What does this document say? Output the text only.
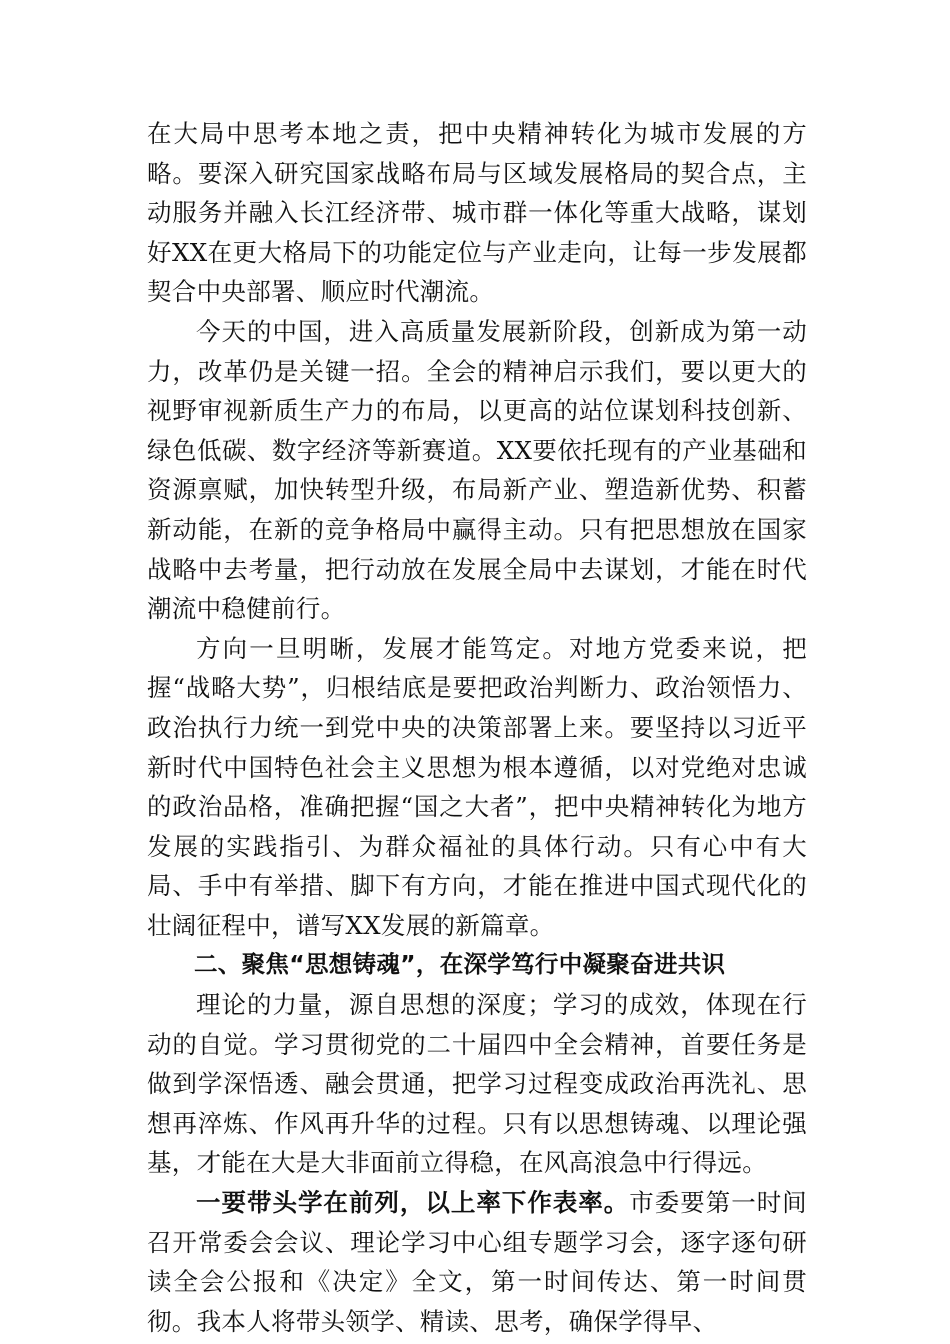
在大局中思考本地之责，把中央精神转化为城市发展的方略。要深入研究国家战略布局与区域发展格局的契合点，主动服务并融入长江经济带、城市群一体化等重大战略，谋划好XX在更大格局下的功能定位与产业走向，让每一步发展都契合中央部署、顺应时代潮流。

今天的中国，进入高质量发展新阶段，创新成为第一动力，改革仍是关键一招。全会的精神启示我们，要以更大的视野审视新质生产力的布局，以更高的站位谋划科技创新、绿色低碳、数字经济等新赛道。XX要依托现有的产业基础和资源禀赋，加快转型升级，布局新产业、塑造新优势、积蓄新动能，在新的竞争格局中赢得主动。只有把思想放在国家战略中去考量，把行动放在发展全局中去谋划，才能在时代潮流中稳健前行。

方向一旦明晰，发展才能笃定。对地方党委来说，把握“战略大势”，归根结底是要把政治判断力、政治领悟力、政治执行力统一到党中央的决策部署上来。要坚持以习近平新时代中国特色社会主义思想为根本遵循，以对党绝对忠诚的政治品格，准确把握“国之大者”，把中央精神转化为地方发展的实践指引、为群众福祉的具体行动。只有心中有大局、手中有举措、脚下有方向，才能在推进中国式现代化的壮阔征程中，谱写XX发展的新篇章。

二、聚焦“思想铸魂”，在深学笃行中凝聚奋进共识

理论的力量，源自思想的深度；学习的成效，体现在行动的自觉。学习贯彻党的二十届四中全会精神，首要任务是做到学深悟透、融会贯通，把学习过程变成政治再洗礼、思想再淬炼、作风再升华的过程。只有以思想铸魂、以理论强基，才能在大是大非面前立得稳，在风高浪急中行得远。

一要带头学在前列，以上率下作表率。市委要第一时间召开常委会会议、理论学习中心组专题学习会，逐字逐句研读全会公报和《决定》全文，第一时间传达、第一时间贯彻。我本人将带头领学、精读、思考，确保学得早、
